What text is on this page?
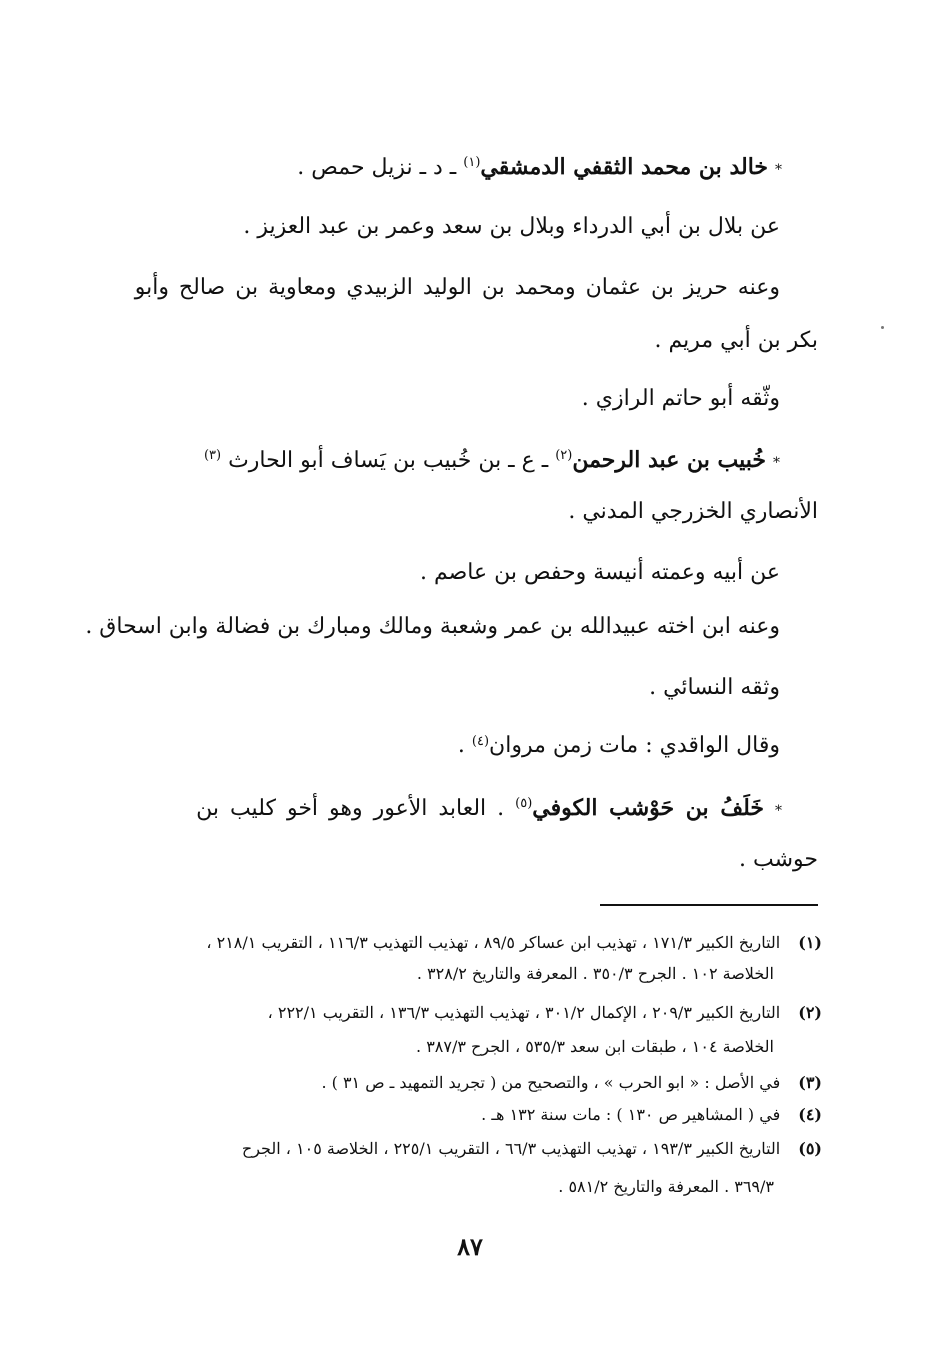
* خالد بن محمد الثقفي الدمشقي$^{(١)}$ ـ د ـ نزيل حمص .
عن بلال بن أبي الدرداء وبلال بن سعد وعمر بن عبد العزيز .
وعنه حريز بن عثمان ومحمد بن الوليد الزبيدي ومعاوية بن صالح وأبو
بكر بن أبي مريم .
وثّقه أبو حاتم الرازي .
* خُبيب بن عبد الرحمن$^{(٢)}$ ـ ع ـ بن خُبيب بن يَساف أبو الحارث $^{(٣)}$
الأنصاري الخزرجي المدني .
عن أبيه وعمته أنيسة وحفص بن عاصم .
وعنه ابن اخته عبيدالله بن عمر وشعبة ومالك ومبارك بن فضالة وابن اسحاق .
وثقه النسائي .
وقال الواقدي : مات زمن مروان$^{(٤)}$ .
* خَلَفُ بن حَوْشب الكوفي$^{(٥)}$ . العابد الأعور وهو أخو كليب بن
حوشب .
(١)التاريخ الكبير ١٧١/٣ ، تهذيب ابن عساكر ٨٩/٥ ، تهذيب التهذيب ١١٦/٣ ، التقريب ٢١٨/١ ،
الخلاصة ١٠٢ . الجرح ٣٥٠/٣ . المعرفة والتاريخ ٣٢٨/٢ .
(٢)التاريخ الكبير ٢٠٩/٣ ، الإكمال ٣٠١/٢ ، تهذيب التهذيب ١٣٦/٣ ، التقريب ٢٢٢/١ ،
الخلاصة ١٠٤ ، طبقات ابن سعد ٥٣٥/٣ ، الجرح ٣٨٧/٣ .
(٣)في الأصل : « ابو الحرب » ، والتصحيح من ( تجريد التمهيد ـ ص ٣١ ) .
(٤)في ( المشاهير ص ١٣٠ ) : مات سنة ١٣٢ هـ .
(٥)التاريخ الكبير ١٩٣/٣ ، تهذيب التهذيب ٦٦/٣ ، التقريب ٢٢٥/١ ، الخلاصة ١٠٥ ، الجرح
٣٦٩/٣ . المعرفة والتاريخ ٥٨١/٢ .
٨٧
